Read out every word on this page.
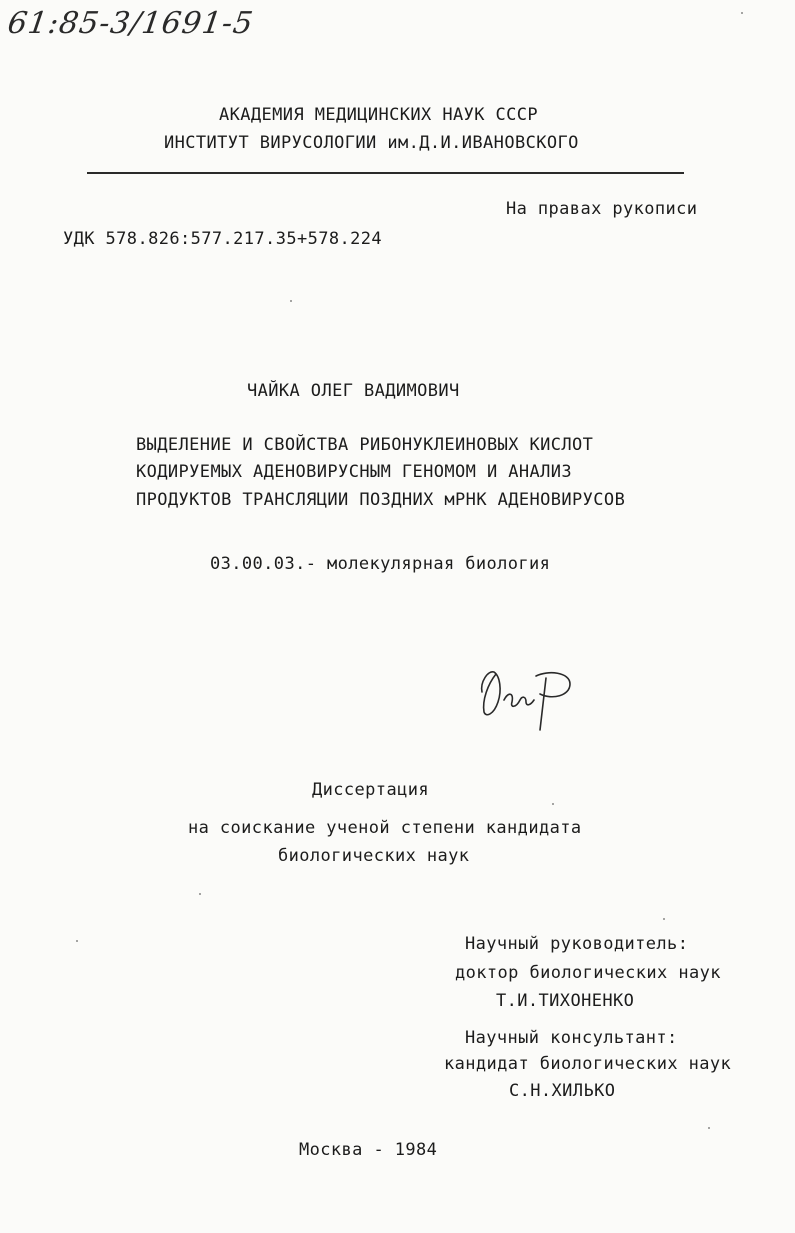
61:85-3/1691-5
АКАДЕМИЯ МЕДИЦИНСКИХ НАУК СССР
ИНСТИТУТ ВИРУСОЛОГИИ им.Д.И.ИВАНОВСКОГО
На правах рукописи
УДК 578.826:577.217.35+578.224
ЧАЙКА ОЛЕГ ВАДИМОВИЧ
ВЫДЕЛЕНИЕ И СВОЙСТВА РИБОНУКЛЕИНОВЫХ КИСЛОТ
КОДИРУЕМЫХ АДЕНОВИРУСНЫМ ГЕНОМОМ И АНАЛИЗ
ПРОДУКТОВ ТРАНСЛЯЦИИ ПОЗДНИХ мРНК АДЕНОВИРУСОВ
03.00.03.- молекулярная биология
Диссертация
на соискание ученой степени кандидата
биологических наук
Научный руководитель:
доктор биологических наук
Т.И.ТИХОНЕНКО
Научный консультант:
кандидат биологических наук
С.Н.ХИЛЬКО
Москва - 1984
